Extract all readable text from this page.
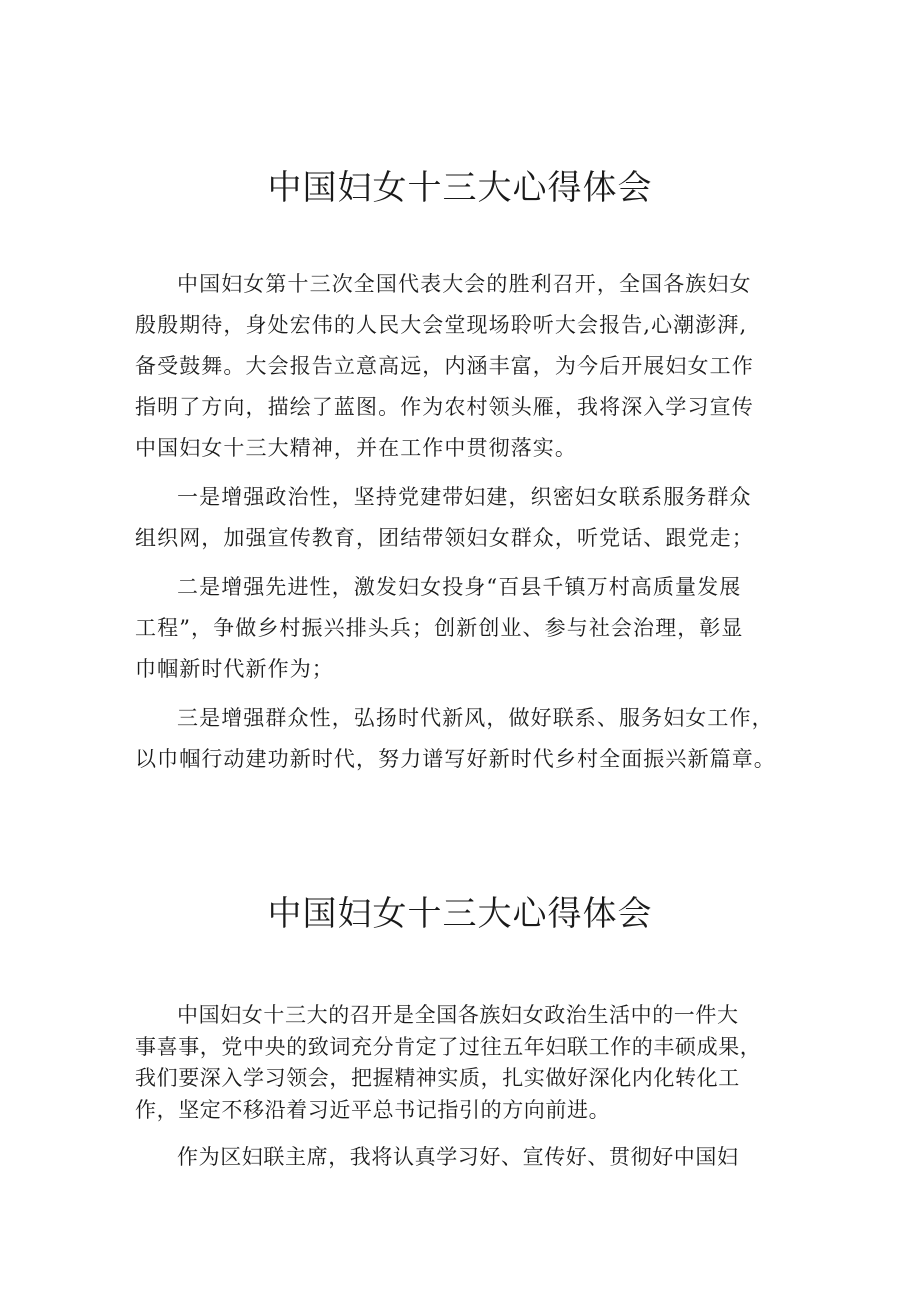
中国妇女十三大心得体会

中国妇女第十三次全国代表大会的胜利召开，全国各族妇女
殷殷期待，身处宏伟的人民大会堂现场聆听大会报告,心潮澎湃,
备受鼓舞。大会报告立意高远，内涵丰富，为今后开展妇女工作
指明了方向，描绘了蓝图。作为农村领头雁，我将深入学习宣传
中国妇女十三大精神，并在工作中贯彻落实。

一是增强政治性，坚持党建带妇建，织密妇女联系服务群众
组织网，加强宣传教育，团结带领妇女群众，听党话、跟党走；

二是增强先进性，激发妇女投身“百县千镇万村高质量发展
工程”，争做乡村振兴排头兵；创新创业、参与社会治理，彰显
巾帼新时代新作为；

三是增强群众性，弘扬时代新风，做好联系、服务妇女工作，
以巾帼行动建功新时代，努力谱写好新时代乡村全面振兴新篇章。

中国妇女十三大心得体会

中国妇女十三大的召开是全国各族妇女政治生活中的一件大
事喜事，党中央的致词充分肯定了过往五年妇联工作的丰硕成果，
我们要深入学习领会，把握精神实质，扎实做好深化内化转化工
作，坚定不移沿着习近平总书记指引的方向前进。

作为区妇联主席，我将认真学习好、宣传好、贯彻好中国妇
